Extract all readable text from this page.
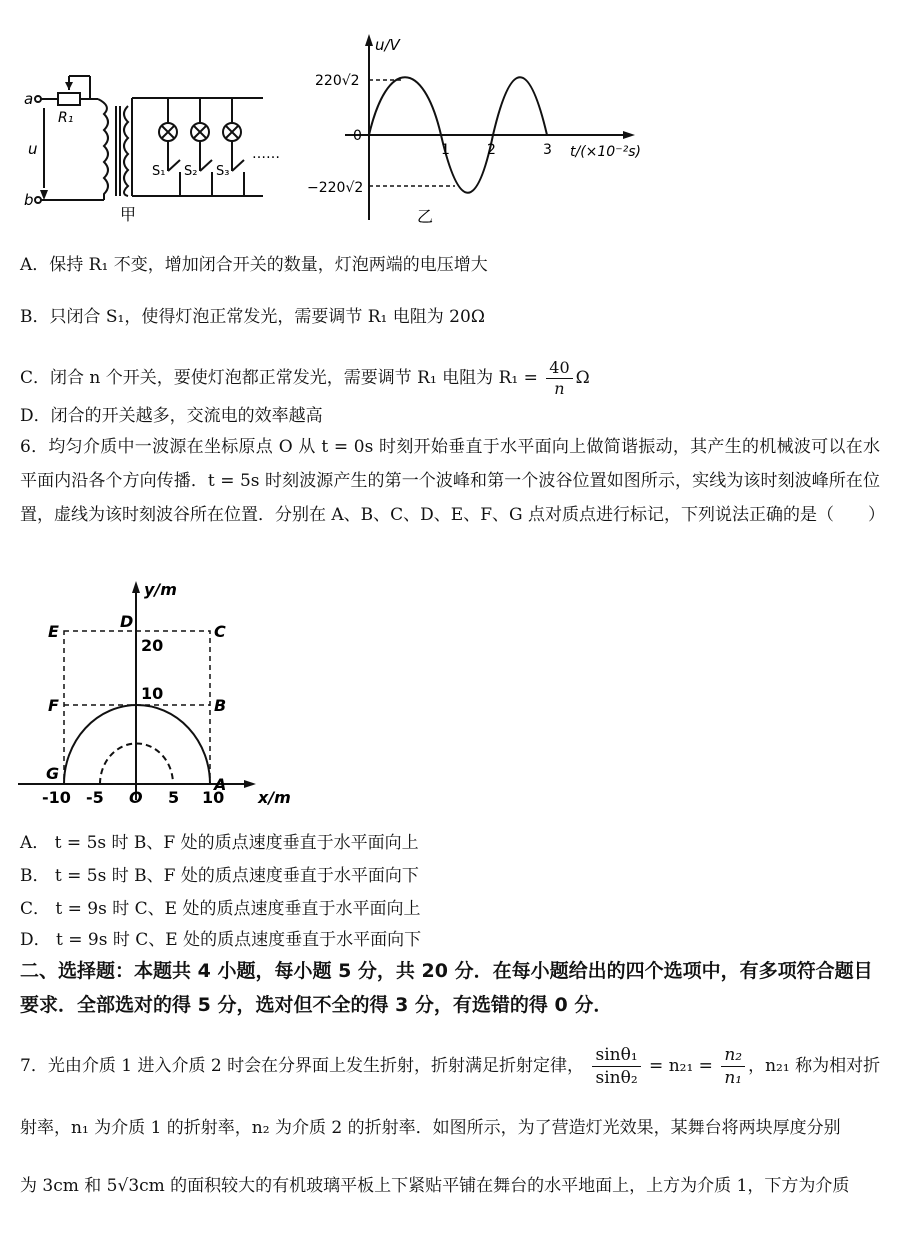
a
b
u
R₁
S₁ S₂ S₃
……
甲
u/V
220√2
0
−220√2
1	2	3 t/(×10⁻²s)
乙
A．保持 R₁ 不变，增加闭合开关的数量，灯泡两端的电压增大
B．只闭合 S₁，使得灯泡正常发光，需要调节 R₁ 电阻为 20Ω
C．闭合 n 个开关，要使灯泡都正常发光，需要调节 R₁ 电阻为 $R_1 = \frac{40}{n}$ Ω
D．闭合的开关越多，交流电的效率越高
6．均匀介质中一波源在坐标原点 O 从 t = 0s 时刻开始垂直于水平面向上做简谐振动，其产生的机械波可以在水平面内沿各个方向传播．t = 5s 时刻波源产生的第一个波峰和第一个波谷位置如图所示，实线为该时刻波峰所在位置，虚线为该时刻波谷所在位置．分别在 A、B、C、D、E、F、G 点对质点进行标记，下列说法正确的是（　　）
y/m
x/m
A
B
C
D
E
F
G
10
20
-10 -5 O 5 10
A． t = 5s 时 B、F 处的质点速度垂直于水平面向上
B． t = 5s 时 B、F 处的质点速度垂直于水平面向下
C． t = 9s 时 C、E 处的质点速度垂直于水平面向上
D． t = 9s 时 C、E 处的质点速度垂直于水平面向下
二、选择题：本题共 4 小题，每小题 5 分，共 20 分．在每小题给出的四个选项中，有多项符合题目要求．全部选对的得 5 分，选对但不全的得 3 分，有选错的得 0 分．
7．光由介质 1 进入介质 2 时会在分界面上发生折射，折射满足折射定律， $\frac{\text{sinθ₁}}{\text{sinθ₂}} = n_{21} = \frac{\text{n₂}}{\text{n₁}}$ ，n₂₁ 称为相对折
射率，n₁ 为介质 1 的折射率，n₂ 为介质 2 的折射率．如图所示，为了营造灯光效果，某舞台将两块厚度分别
为 3cm 和 5√3cm 的面积较大的有机玻璃平板上下紧贴平铺在舞台的水平地面上，上方为介质 1，下方为介质
